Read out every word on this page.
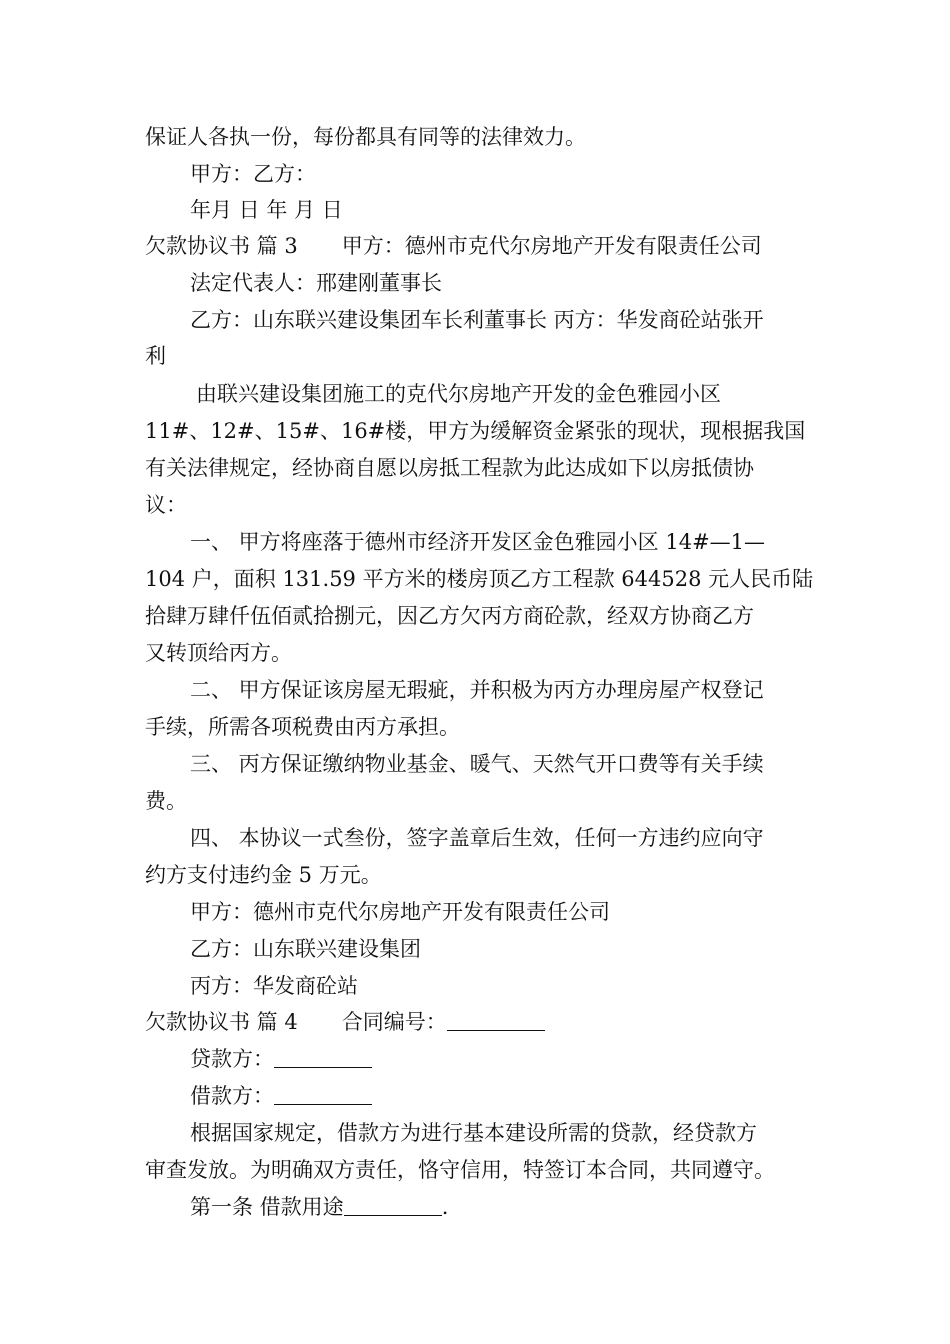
保证人各执一份，每份都具有同等的法律效力。
甲方：乙方：
年月 日 年 月 日
欠款协议书 篇 3 甲方：德州市克代尔房地产开发有限责任公司
法定代表人：邢建刚董事长
乙方：山东联兴建设集团车长利董事长 丙方：华发商砼站张开
利
由联兴建设集团施工的克代尔房地产开发的金色雅园小区
11#、12#、15#、16#楼，甲方为缓解资金紧张的现状，现根据我国
有关法律规定，经协商自愿以房抵工程款为此达成如下以房抵债协
议：
一、 甲方将座落于德州市经济开发区金色雅园小区 14#—1—
104 户，面积 131.59 平方米的楼房顶乙方工程款 644528 元人民币陆
拾肆万肆仟伍佰贰拾捌元，因乙方欠丙方商砼款，经双方协商乙方
又转顶给丙方。
二、 甲方保证该房屋无瑕疵，并积极为丙方办理房屋产权登记
手续，所需各项税费由丙方承担。
三、 丙方保证缴纳物业基金、暖气、天然气开口费等有关手续
费。
四、 本协议一式叁份，签字盖章后生效，任何一方违约应向守
约方支付违约金 5 万元。
甲方：德州市克代尔房地产开发有限责任公司
乙方：山东联兴建设集团
丙方：华发商砼站
欠款协议书 篇 4 合同编号：
贷款方：
借款方：
根据国家规定，借款方为进行基本建设所需的贷款，经贷款方
审查发放。为明确双方责任，恪守信用，特签订本合同，共同遵守。
第一条 借款用途	.
